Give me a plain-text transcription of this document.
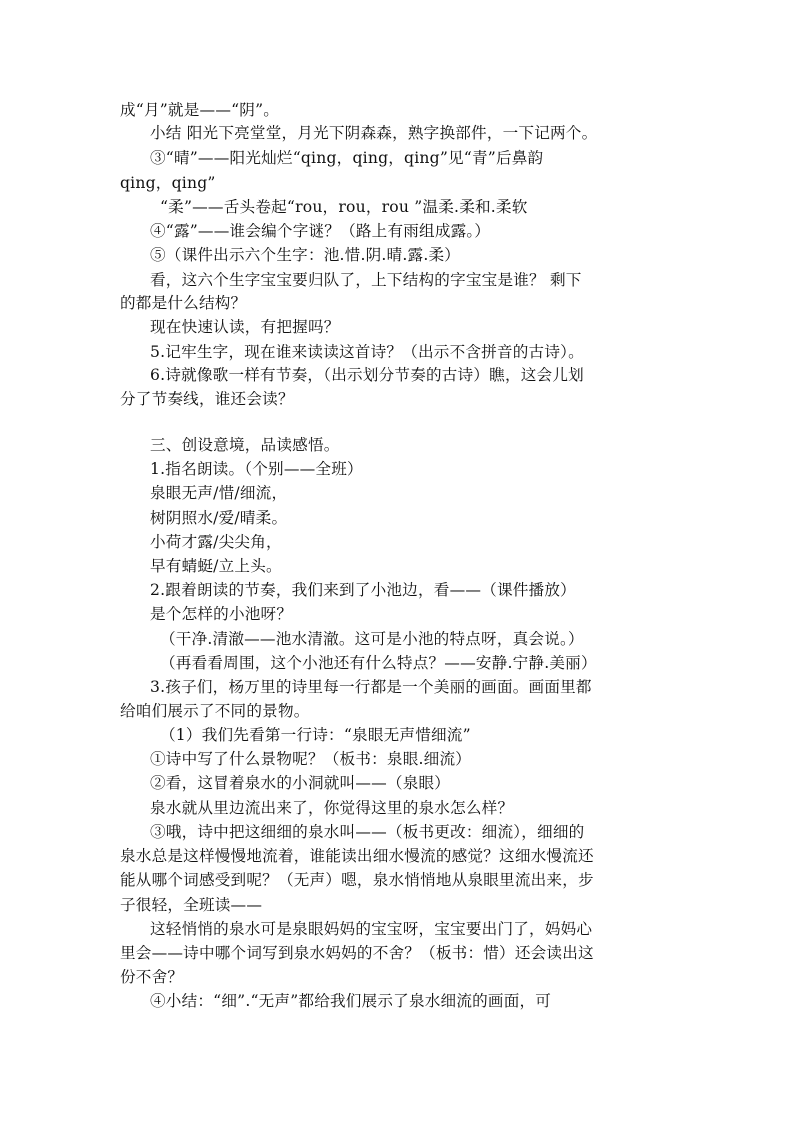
成“月”就是——“阴”。
小结 阳光下亮堂堂，月光下阴森森，熟字换部件，一下记两个。
③“晴”——阳光灿烂“qing，qing，qing”见“青”后鼻韵
qing，qing”
“柔”——舌头卷起“rou，rou，rou ”温柔.柔和.柔软
④“露”——谁会编个字谜？（路上有雨组成露。）
⑤（课件出示六个生字：池.惜.阴.晴.露.柔）
看，这六个生字宝宝要归队了，上下结构的字宝宝是谁？ 剩下
的都是什么结构？
现在快速认读，有把握吗？
5.记牢生字，现在谁来读读这首诗？（出示不含拼音的古诗）。
6.诗就像歌一样有节奏，（出示划分节奏的古诗）瞧，这会儿划
分了节奏线，谁还会读？
三、创设意境，品读感悟。
1.指名朗读。（个别——全班）
泉眼无声/惜/细流，
树阴照水/爱/晴柔。
小荷才露/尖尖角，
早有蜻蜓/立上头。
2.跟着朗读的节奏，我们来到了小池边，看——（课件播放）
是个怎样的小池呀？
（干净.清澈——池水清澈。这可是小池的特点呀，真会说。）
（再看看周围，这个小池还有什么特点？——安静.宁静.美丽）
3.孩子们，杨万里的诗里每一行都是一个美丽的画面。画面里都
给咱们展示了不同的景物。
（1）我们先看第一行诗：“泉眼无声惜细流”
①诗中写了什么景物呢？（板书：泉眼.细流）
②看，这冒着泉水的小洞就叫——（泉眼）
泉水就从里边流出来了，你觉得这里的泉水怎么样？
③哦，诗中把这细细的泉水叫——（板书更改：细流），细细的
泉水总是这样慢慢地流着，谁能读出细水慢流的感觉？这细水慢流还
能从哪个词感受到呢？（无声）嗯，泉水悄悄地从泉眼里流出来，步
子很轻，全班读——
这轻悄悄的泉水可是泉眼妈妈的宝宝呀，宝宝要出门了，妈妈心
里会——诗中哪个词写到泉水妈妈的不舍？（板书：惜）还会读出这
份不舍？
④小结：“细”.“无声”都给我们展示了泉水细流的画面，可
